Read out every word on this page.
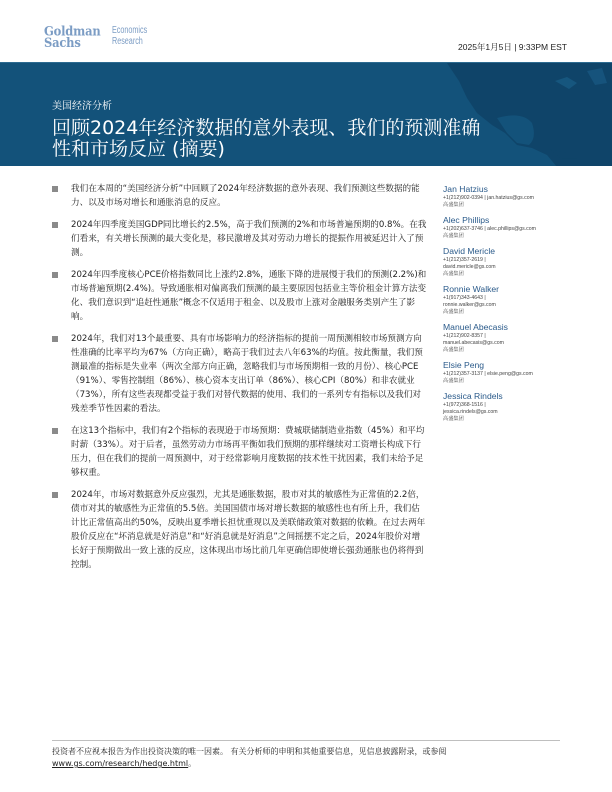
Goldman
Sachs
Economics
Research	2025年1月5日 | 9:33PM EST
美国经济分析
回顾2024年经济数据的意外表现、我们的预测准确性和市场反应 (摘要)
我们在本周的“美国经济分析”中回顾了2024年经济数据的意外表现、我们预测这些数据的能力、以及市场对增长和通胀消息的反应。
2024年四季度美国GDP同比增长约2.5%，高于我们预测的2%和市场普遍预期的0.8%。在我们看来，有关增长预测的最大变化是，移民激增及其对劳动力增长的提振作用被延迟计入了预测。
2024年四季度核心PCE价格指数同比上涨约2.8%，通胀下降的进展慢于我们的预测(2.2%)和市场普遍预期(2.4%)。导致通胀相对偏离我们预测的最主要原因包括业主等价租金计算方法变化、我们意识到“追赶性通胀”概念不仅适用于租金、以及股市上涨对金融服务类别产生了影响。
2024年，我们对13个最重要、具有市场影响力的经济指标的提前一周预测相较市场预测方向性准确的比率平均为67%（方向正确），略高于我们过去八年63%的均值。按此衡量，我们预测最准的指标是失业率（两次全部方向正确，忽略我们与市场预期相一致的月份）、核心PCE（91%）、零售控制组（86%）、核心资本支出订单（86%）、核心CPI（80%）和非农就业（73%），所有这些表现都受益于我们对替代数据的使用、我们的一系列专有指标以及我们对残差季节性因素的看法。
在这13个指标中，我们有2个指标的表现逊于市场预期：费城联储制造业指数（45%）和平均时薪（33%）。对于后者，虽然劳动力市场再平衡如我们预期的那样继续对工资增长构成下行压力，但在我们的提前一周预测中，对于经常影响月度数据的技术性干扰因素，我们未给予足够权重。
2024年，市场对数据意外反应强烈，尤其是通胀数据，股市对其的敏感性为正常值的2.2倍，债市对其的敏感性为正常值的5.5倍。美国国债市场对增长数据的敏感性也有所上升，我们估计比正常值高出约50%，反映出夏季增长担忧重现以及美联储政策对数据的依赖。在过去两年股价反应在“坏消息就是好消息”和“好消息就是好消息”之间摇摆不定之后，2024年股价对增长好于预期做出一致上涨的反应，这体现出市场比前几年更确信即使增长强劲通胀也仍将得到控制。
Jan Hatzius
+1(212)902-0394 | jan.hatzius@gs.com
高盛集团
Alec Phillips
+1(202)637-3746 | alec.phillips@gs.com
高盛集团
David Mericle
+1(212)357-2619 |
david.mericle@gs.com
高盛集团
Ronnie Walker
+1(917)343-4643 |
ronnie.walker@gs.com
高盛集团
Manuel Abecasis
+1(212)902-8357 |
manuel.abecasis@gs.com
高盛集团
Elsie Peng
+1(212)357-3137 | elsie.peng@gs.com
高盛集团
Jessica Rindels
+1(972)368-1516 |
jessica.rindels@gs.com
高盛集团
投资者不应视本报告为作出投资决策的唯一因素。 有关分析师的申明和其他重要信息，见信息披露附录，或参阅
www.gs.com/research/hedge.html。
